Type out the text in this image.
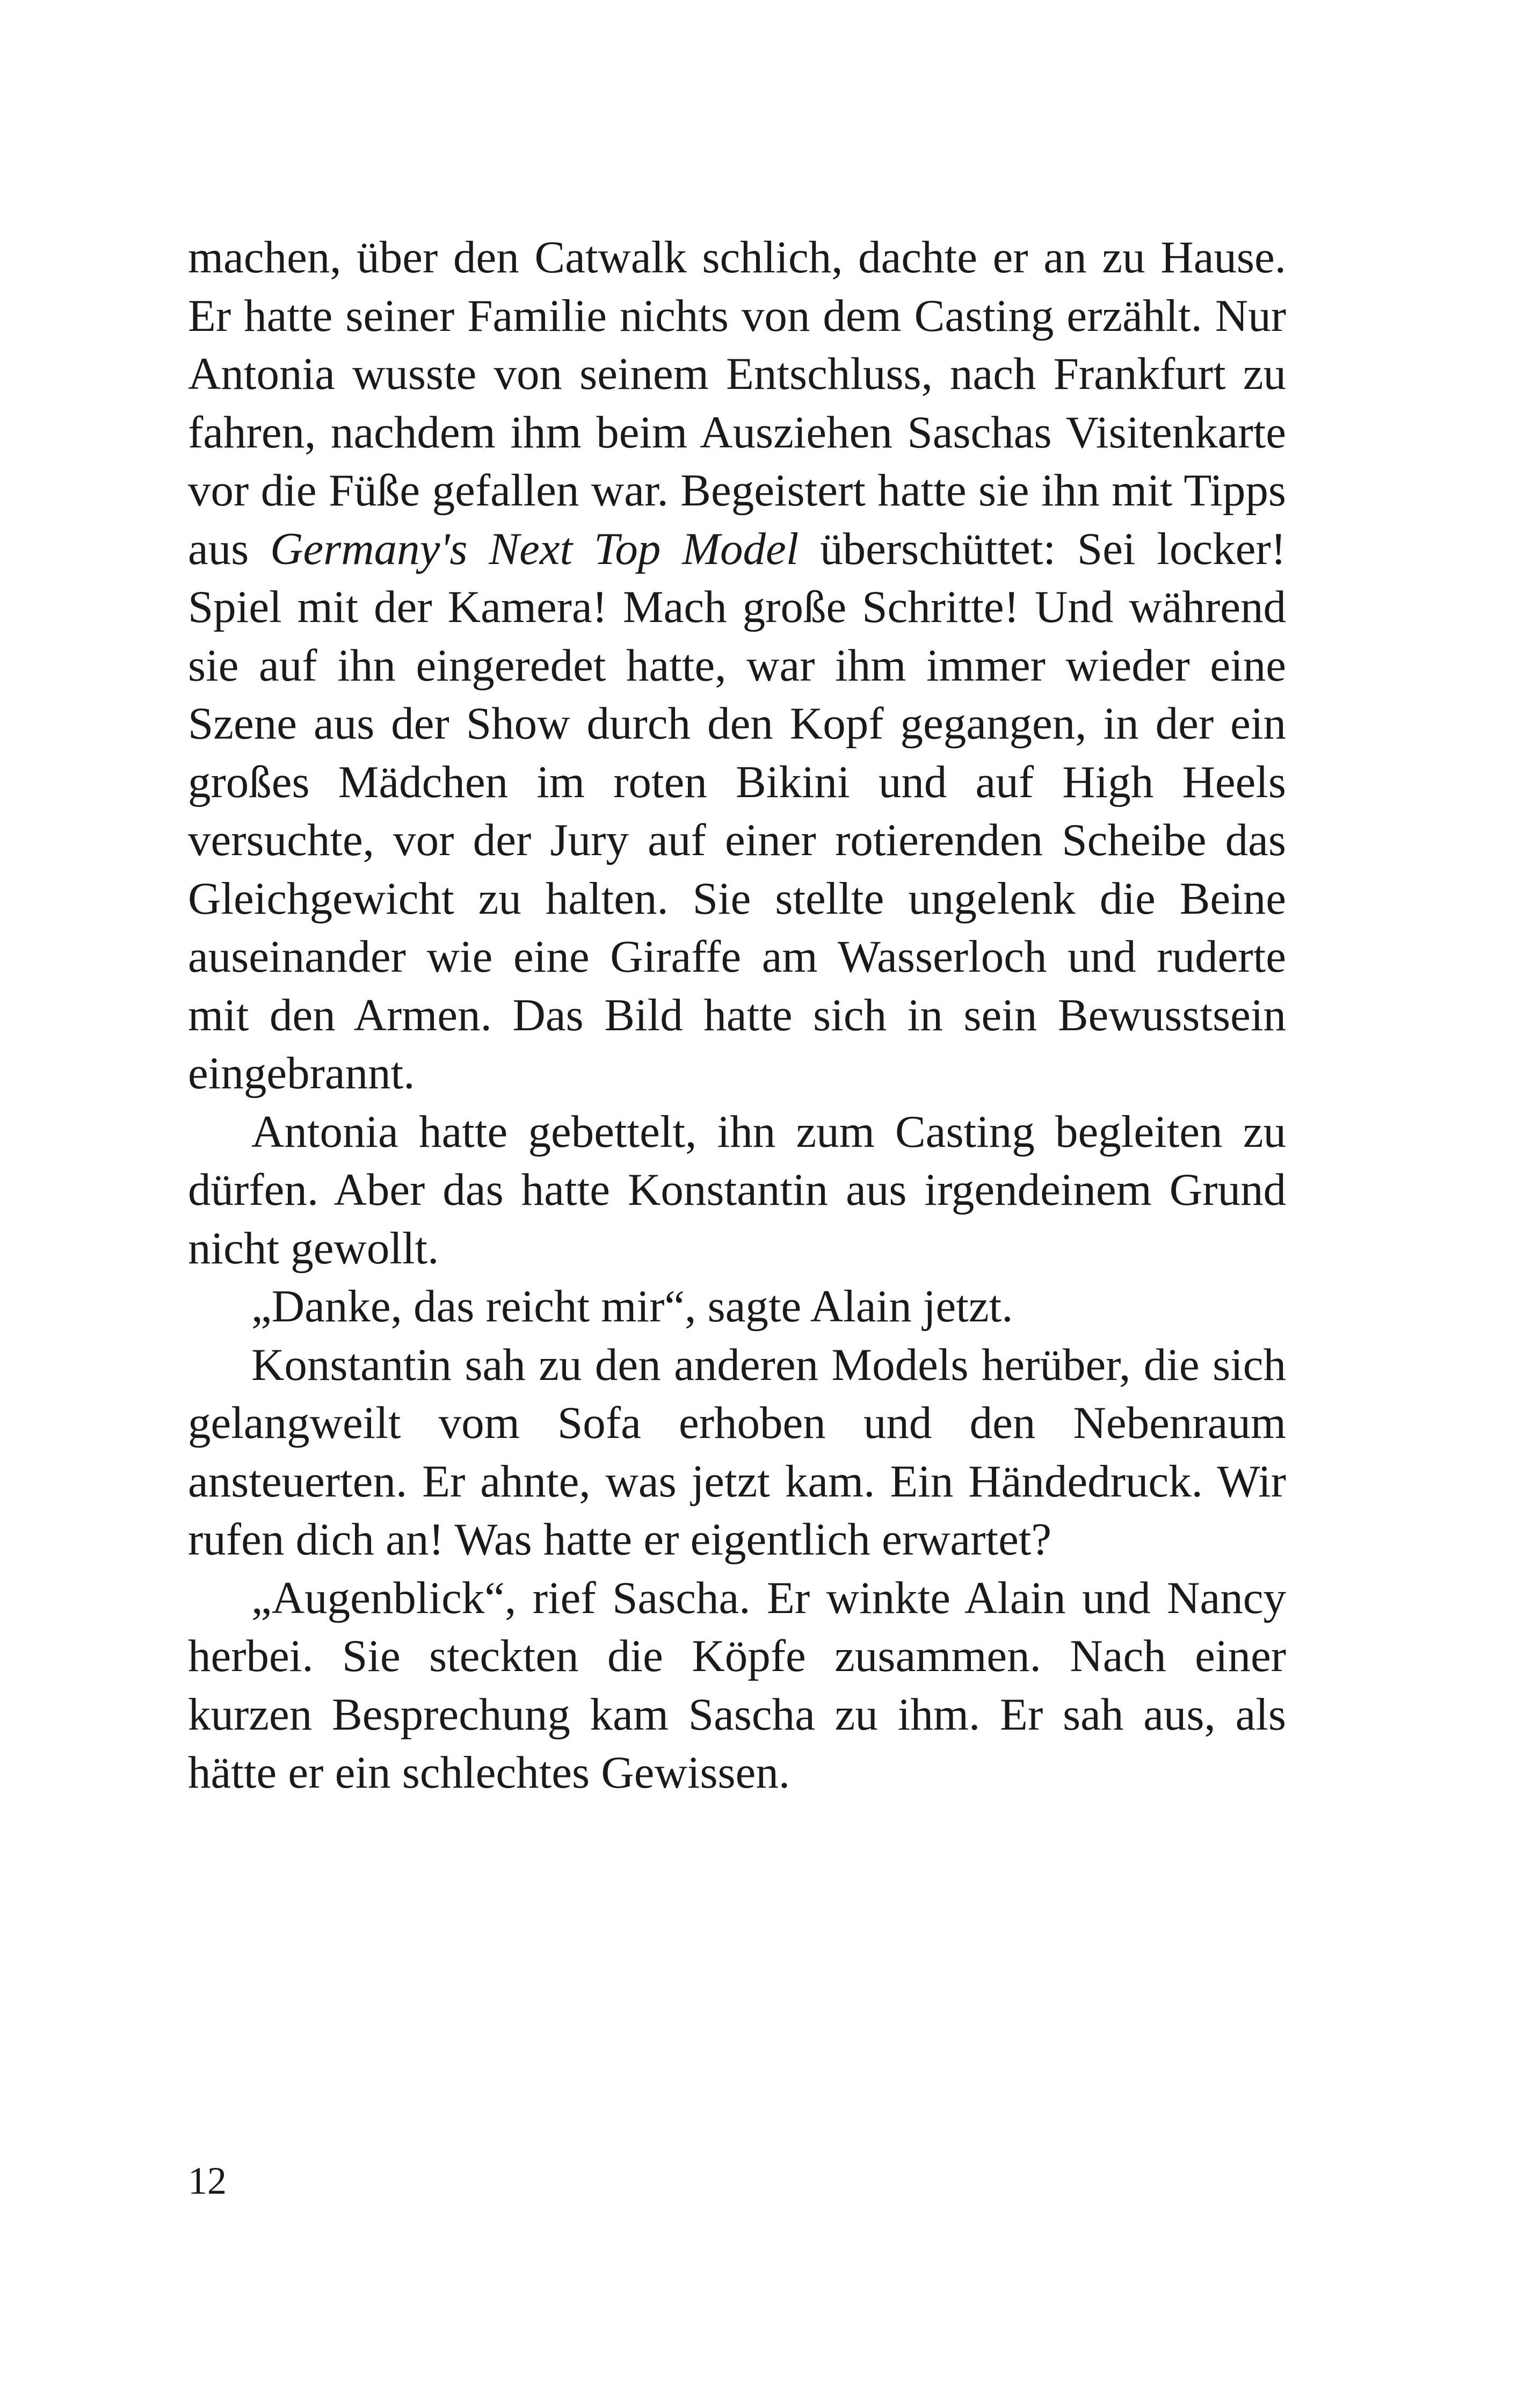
machen, über den Catwalk schlich, dachte er an zu Hause. Er hatte seiner Familie nichts von dem Casting erzählt. Nur Antonia wusste von seinem Entschluss, nach Frankfurt zu fahren, nachdem ihm beim Ausziehen Saschas Visitenkarte vor die Füße gefallen war. Begeistert hatte sie ihn mit Tipps aus Germany's Next Top Model überschüttet: Sei locker! Spiel mit der Kamera! Mach große Schritte! Und während sie auf ihn eingeredet hatte, war ihm immer wieder eine Szene aus der Show durch den Kopf gegangen, in der ein großes Mädchen im roten Bikini und auf High Heels versuchte, vor der Jury auf einer rotierenden Scheibe das Gleichgewicht zu halten. Sie stellte ungelenk die Beine auseinander wie eine Giraffe am Wasserloch und ruderte mit den Armen. Das Bild hatte sich in sein Bewusstsein eingebrannt.

Antonia hatte gebettelt, ihn zum Casting begleiten zu dürfen. Aber das hatte Konstantin aus irgendeinem Grund nicht gewollt.

„Danke, das reicht mir“, sagte Alain jetzt.

Konstantin sah zu den anderen Models herüber, die sich gelangweilt vom Sofa erhoben und den Nebenraum ansteuerten. Er ahnte, was jetzt kam. Ein Händedruck. Wir rufen dich an! Was hatte er eigentlich erwartet?

„Augenblick“, rief Sascha. Er winkte Alain und Nancy herbei. Sie steckten die Köpfe zusammen. Nach einer kurzen Besprechung kam Sascha zu ihm. Er sah aus, als hätte er ein schlechtes Gewissen.

12
